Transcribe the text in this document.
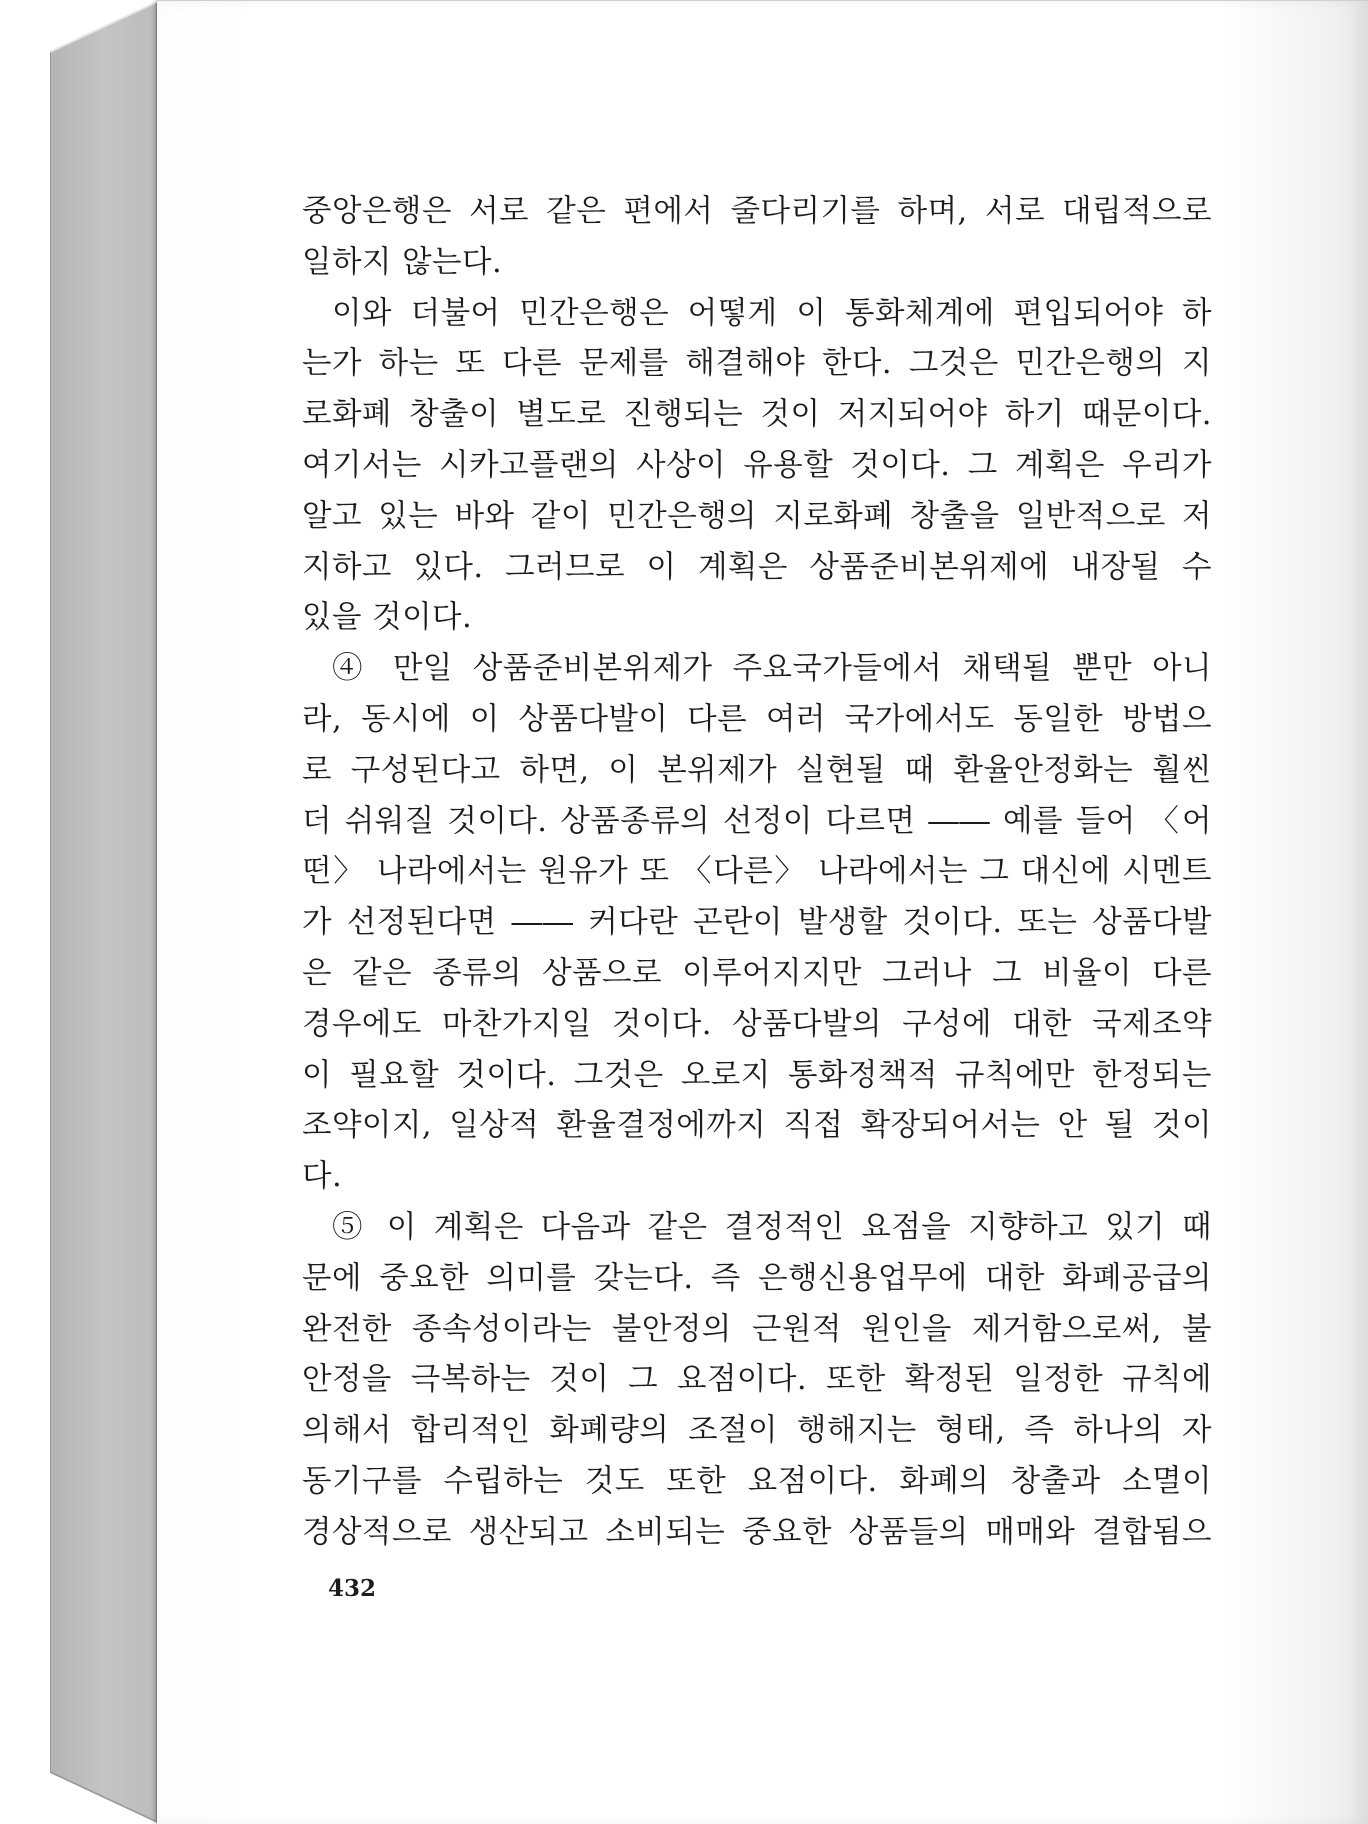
중앙은행은 서로 같은 편에서 줄다리기를 하며, 서로 대립적으로
일하지 않는다.
이와 더불어 민간은행은 어떻게 이 통화체계에 편입되어야 하
는가 하는 또 다른 문제를 해결해야 한다. 그것은 민간은행의 지
로화폐 창출이 별도로 진행되는 것이 저지되어야 하기 때문이다.
여기서는 시카고플랜의 사상이 유용할 것이다. 그 계획은 우리가
알고 있는 바와 같이 민간은행의 지로화폐 창출을 일반적으로 저
지하고 있다. 그러므로 이 계획은 상품준비본위제에 내장될 수
있을 것이다.
④ 만일 상품준비본위제가 주요국가들에서 채택될 뿐만 아니
라, 동시에 이 상품다발이 다른 여러 국가에서도 동일한 방법으
로 구성된다고 하면, 이 본위제가 실현될 때 환율안정화는 훨씬
더 쉬워질 것이다. 상품종류의 선정이 다르면 ―― 예를 들어 〈어
떤〉 나라에서는 원유가 또 〈다른〉 나라에서는 그 대신에 시멘트
가 선정된다면 ―― 커다란 곤란이 발생할 것이다. 또는 상품다발
은 같은 종류의 상품으로 이루어지지만 그러나 그 비율이 다른
경우에도 마찬가지일 것이다. 상품다발의 구성에 대한 국제조약
이 필요할 것이다. 그것은 오로지 통화정책적 규칙에만 한정되는
조약이지, 일상적 환율결정에까지 직접 확장되어서는 안 될 것이
다.
⑤ 이 계획은 다음과 같은 결정적인 요점을 지향하고 있기 때
문에 중요한 의미를 갖는다. 즉 은행신용업무에 대한 화폐공급의
완전한 종속성이라는 불안정의 근원적 원인을 제거함으로써, 불
안정을 극복하는 것이 그 요점이다. 또한 확정된 일정한 규칙에
의해서 합리적인 화폐량의 조절이 행해지는 형태, 즉 하나의 자
동기구를 수립하는 것도 또한 요점이다. 화폐의 창출과 소멸이
경상적으로 생산되고 소비되는 중요한 상품들의 매매와 결합됨으
432
